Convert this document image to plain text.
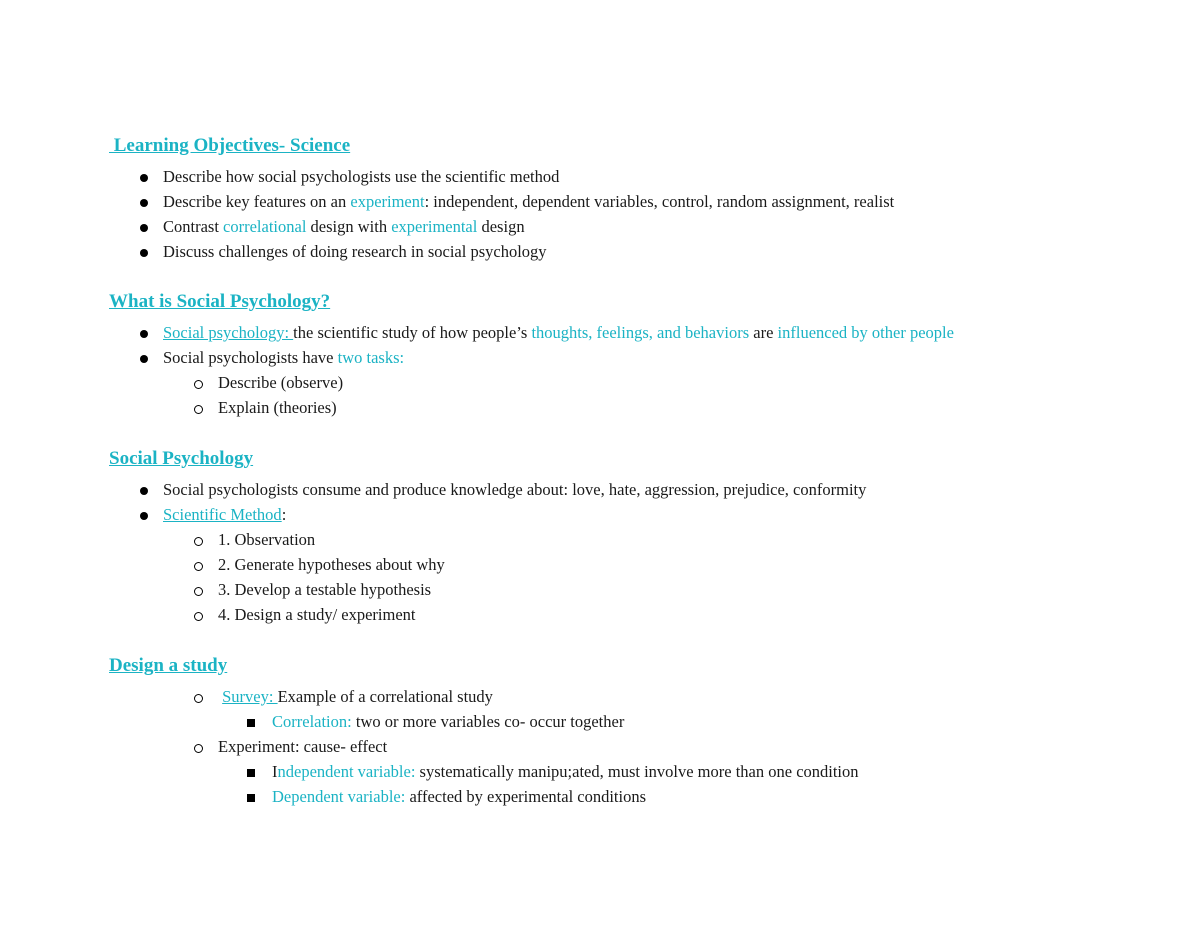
Learning Objectives- Science
Describe how social psychologists use the scientific method
Describe key features on an experiment: independent, dependent variables, control, random assignment, realist
Contrast correlational design with experimental design
Discuss challenges of doing research in social psychology
What is Social Psychology?
Social psychology: the scientific study of how people’s thoughts, feelings, and behaviors are influenced by other people
Social psychologists have two tasks:
Describe (observe)
Explain (theories)
Social Psychology
Social psychologists consume and produce knowledge about: love, hate, aggression, prejudice, conformity
Scientific Method:
1. Observation
2. Generate hypotheses about why
3. Develop a testable hypothesis
4. Design a study/ experiment
Design a study
Survey: Example of a correlational study
Correlation: two or more variables co- occur together
Experiment: cause- effect
Independent variable: systematically manipu;ated, must involve more than one condition
Dependent variable: affected by experimental conditions
